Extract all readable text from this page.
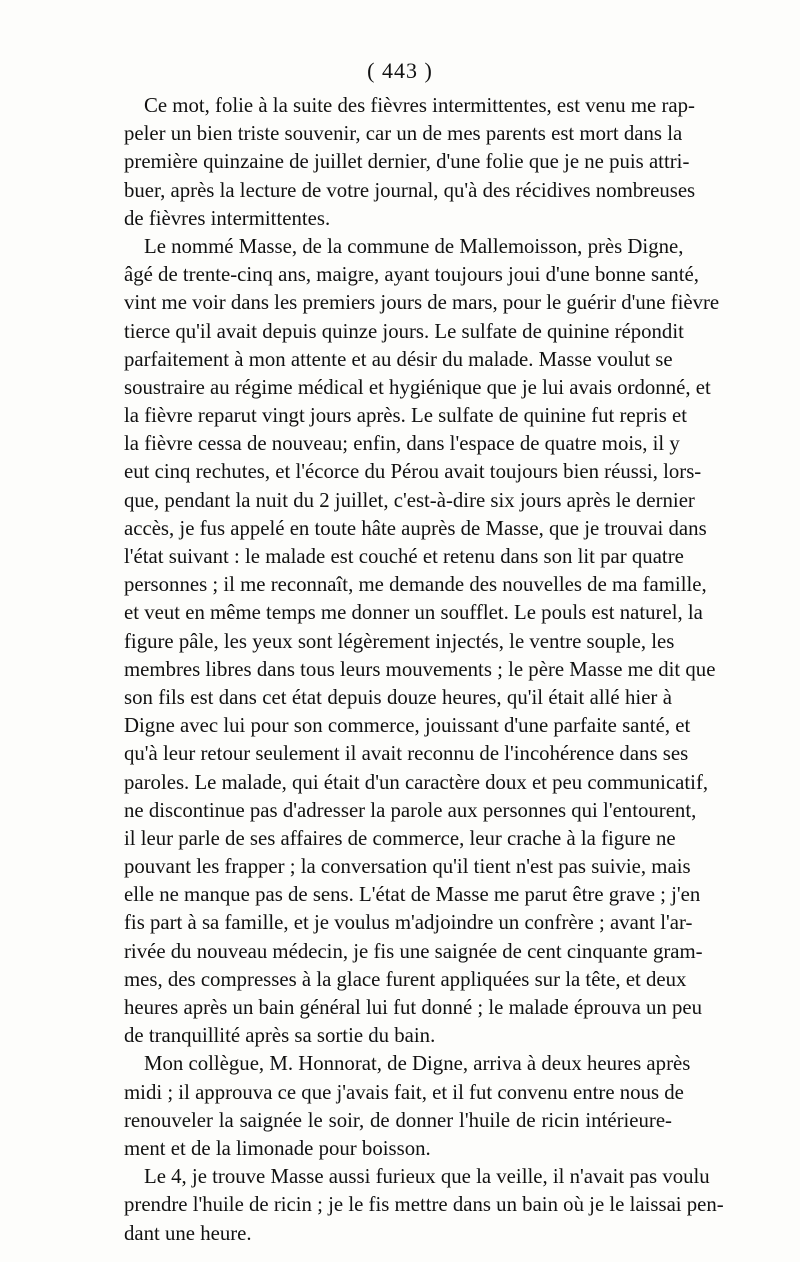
( 443 )
Ce mot, folie à la suite des fièvres intermittentes, est venu me rap-
peler un bien triste souvenir, car un de mes parents est mort dans la
première quinzaine de juillet dernier, d'une folie que je ne puis attri-
buer, après la lecture de votre journal, qu'à des récidives nombreuses
de fièvres intermittentes.
Le nommé Masse, de la commune de Mallemoisson, près Digne,
âgé de trente-cinq ans, maigre, ayant toujours joui d'une bonne santé,
vint me voir dans les premiers jours de mars, pour le guérir d'une fièvre
tierce qu'il avait depuis quinze jours. Le sulfate de quinine répondit
parfaitement à mon attente et au désir du malade. Masse voulut se
soustraire au régime médical et hygiénique que je lui avais ordonné, et
la fièvre reparut vingt jours après. Le sulfate de quinine fut repris et
la fièvre cessa de nouveau; enfin, dans l'espace de quatre mois, il y
eut cinq rechutes, et l'écorce du Pérou avait toujours bien réussi, lors-
que, pendant la nuit du 2 juillet, c'est-à-dire six jours après le dernier
accès, je fus appelé en toute hâte auprès de Masse, que je trouvai dans
l'état suivant : le malade est couché et retenu dans son lit par quatre
personnes ; il me reconnaît, me demande des nouvelles de ma famille,
et veut en même temps me donner un soufflet. Le pouls est naturel, la
figure pâle, les yeux sont légèrement injectés, le ventre souple, les
membres libres dans tous leurs mouvements ; le père Masse me dit que
son fils est dans cet état depuis douze heures, qu'il était allé hier à
Digne avec lui pour son commerce, jouissant d'une parfaite santé, et
qu'à leur retour seulement il avait reconnu de l'incohérence dans ses
paroles. Le malade, qui était d'un caractère doux et peu communicatif,
ne discontinue pas d'adresser la parole aux personnes qui l'entourent,
il leur parle de ses affaires de commerce, leur crache à la figure ne
pouvant les frapper ; la conversation qu'il tient n'est pas suivie, mais
elle ne manque pas de sens. L'état de Masse me parut être grave ; j'en
fis part à sa famille, et je voulus m'adjoindre un confrère ; avant l'ar-
rivée du nouveau médecin, je fis une saignée de cent cinquante gram-
mes, des compresses à la glace furent appliquées sur la tête, et deux
heures après un bain général lui fut donné ; le malade éprouva un peu
de tranquillité après sa sortie du bain.
Mon collègue, M. Honnorat, de Digne, arriva à deux heures après
midi ; il approuva ce que j'avais fait, et il fut convenu entre nous de
renouveler la saignée le soir, de donner l'huile de ricin intérieure-
ment et de la limonade pour boisson.
Le 4, je trouve Masse aussi furieux que la veille, il n'avait pas voulu
prendre l'huile de ricin ; je le fis mettre dans un bain où je le laissai pen-
dant une heure.
